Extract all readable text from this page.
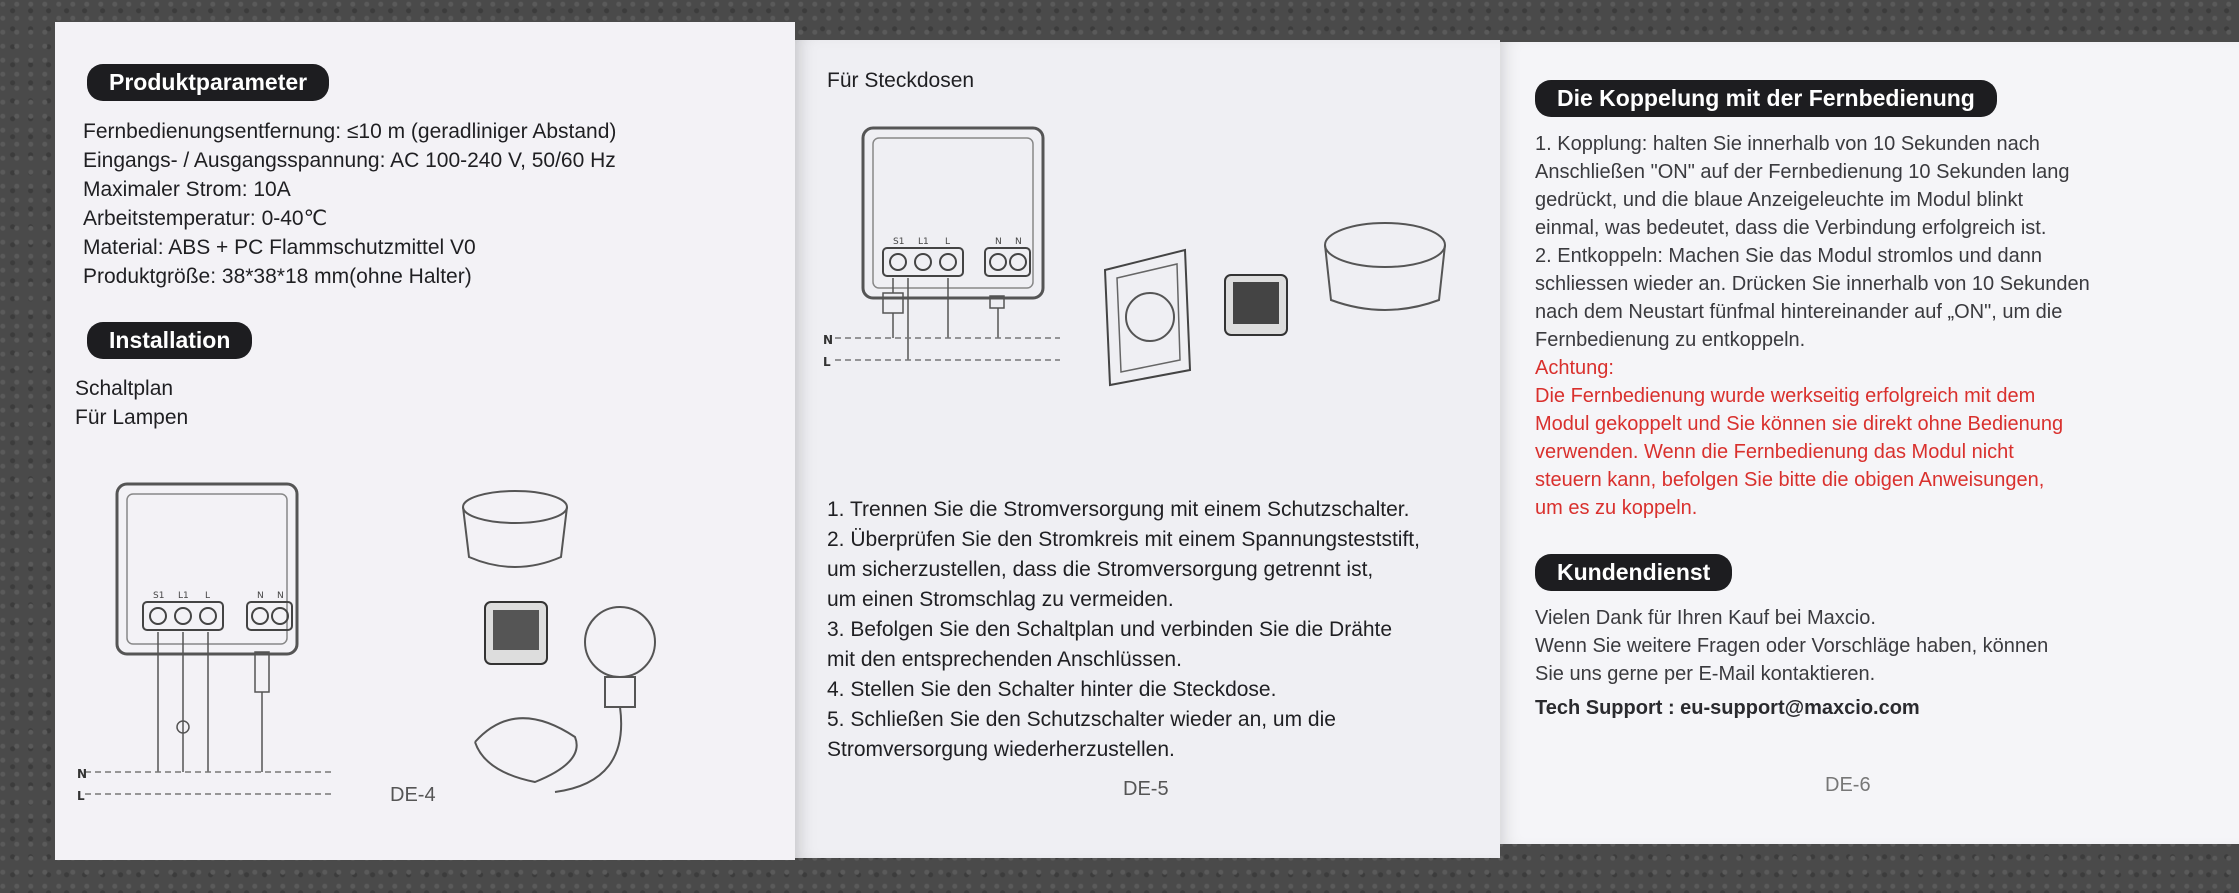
Produktparameter
Fernbedienungsentfernung: ≤10 m (geradliniger Abstand)
Eingangs- / Ausgangsspannung: AC 100-240 V, 50/60 Hz
Maximaler Strom: 10A
Arbeitstemperatur: 0-40℃
Material: ABS + PC Flammschutzmittel V0
Produktgröße: 38*38*18 mm(ohne Halter)
Installation
Schaltplan
Für Lampen
S1 L1 L	N N
N
L	DE-4
Für Steckdosen
S1 L1 L	N N
N
L
1. Trennen Sie die Stromversorgung mit einem Schutzschalter.
2. Überprüfen Sie den Stromkreis mit einem Spannungsteststift,
um sicherzustellen, dass die Stromversorgung getrennt ist,
um einen Stromschlag zu vermeiden.
3. Befolgen Sie den Schaltplan und verbinden Sie die Drähte
mit den entsprechenden Anschlüssen.
4. Stellen Sie den Schalter hinter die Steckdose.
5. Schließen Sie den Schutzschalter wieder an, um die
Stromversorgung wiederherzustellen.
DE-5
Die Koppelung mit der Fernbedienung
1. Kopplung: halten Sie innerhalb von 10 Sekunden nach
Anschließen "ON" auf der Fernbedienung 10 Sekunden lang
gedrückt, und die blaue Anzeigeleuchte im Modul blinkt
einmal, was bedeutet, dass die Verbindung erfolgreich ist.
2. Entkoppeln: Machen Sie das Modul stromlos und dann
schliessen wieder an. Drücken Sie innerhalb von 10 Sekunden
nach dem Neustart fünfmal hintereinander auf „ON", um die
Fernbedienung zu entkoppeln.
Achtung:
Die Fernbedienung wurde werkseitig erfolgreich mit dem
Modul gekoppelt und Sie können sie direkt ohne Bedienung
verwenden. Wenn die Fernbedienung das Modul nicht
steuern kann, befolgen Sie bitte die obigen Anweisungen,
um es zu koppeln.
Kundendienst
Vielen Dank für Ihren Kauf bei Maxcio.
Wenn Sie weitere Fragen oder Vorschläge haben, können
Sie uns gerne per E-Mail kontaktieren.
Tech Support : eu-support@maxcio.com
DE-6
